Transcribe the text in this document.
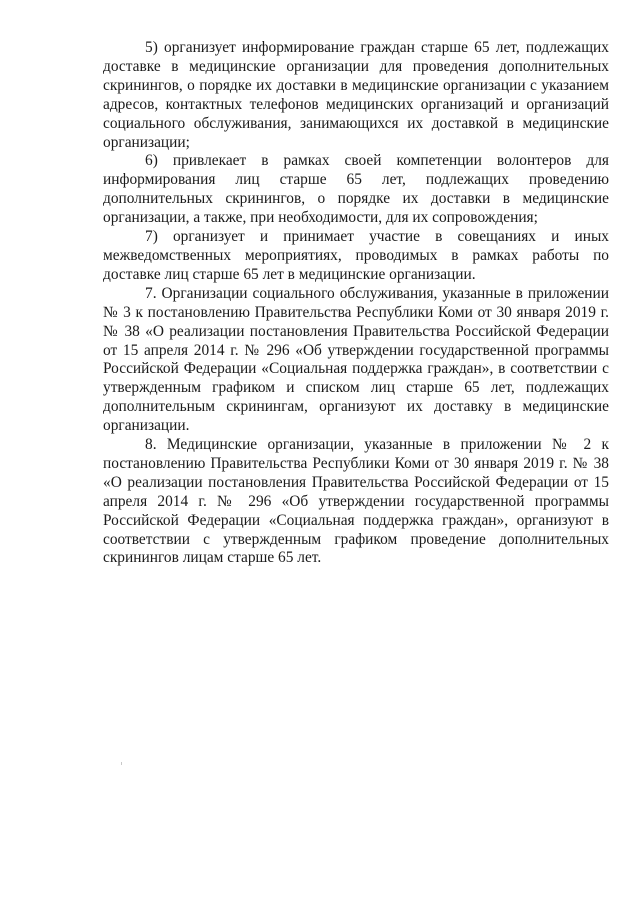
5) организует информирование граждан старше 65 лет, подлежащих доставке в медицинские организации для проведения дополнительных скринингов, о порядке их доставки в медицинские организации с указанием адресов, контактных телефонов медицинских организаций и организаций социального обслуживания, занимающихся их доставкой в медицинские организации;

6) привлекает в рамках своей компетенции волонтеров для информирования лиц старше 65 лет, подлежащих проведению дополнительных скринингов, о порядке их доставки в медицинские организации, а также, при необходимости, для их сопровождения;

7) организует и принимает участие в совещаниях и иных межведомственных мероприятиях, проводимых в рамках работы по доставке лиц старше 65 лет в медицинские организации.

7. Организации социального обслуживания, указанные в приложении № 3 к постановлению Правительства Республики Коми от 30 января 2019 г. № 38 «О реализации постановления Правительства Российской Федерации от 15 апреля 2014 г. № 296 «Об утверждении государственной программы Российской Федерации «Социальная поддержка граждан», в соответствии с утвержденным графиком и списком лиц старше 65 лет, подлежащих дополнительным скринингам, организуют их доставку в медицинские организации.

8. Медицинские организации, указанные в приложении № 2 к постановлению Правительства Республики Коми от 30 января 2019 г. № 38 «О реализации постановления Правительства Российской Федерации от 15 апреля 2014 г. № 296 «Об утверждении государственной программы Российской Федерации «Социальная поддержка граждан», организуют в соответствии с утвержденным графиком проведение дополнительных скринингов лицам старше 65 лет.
